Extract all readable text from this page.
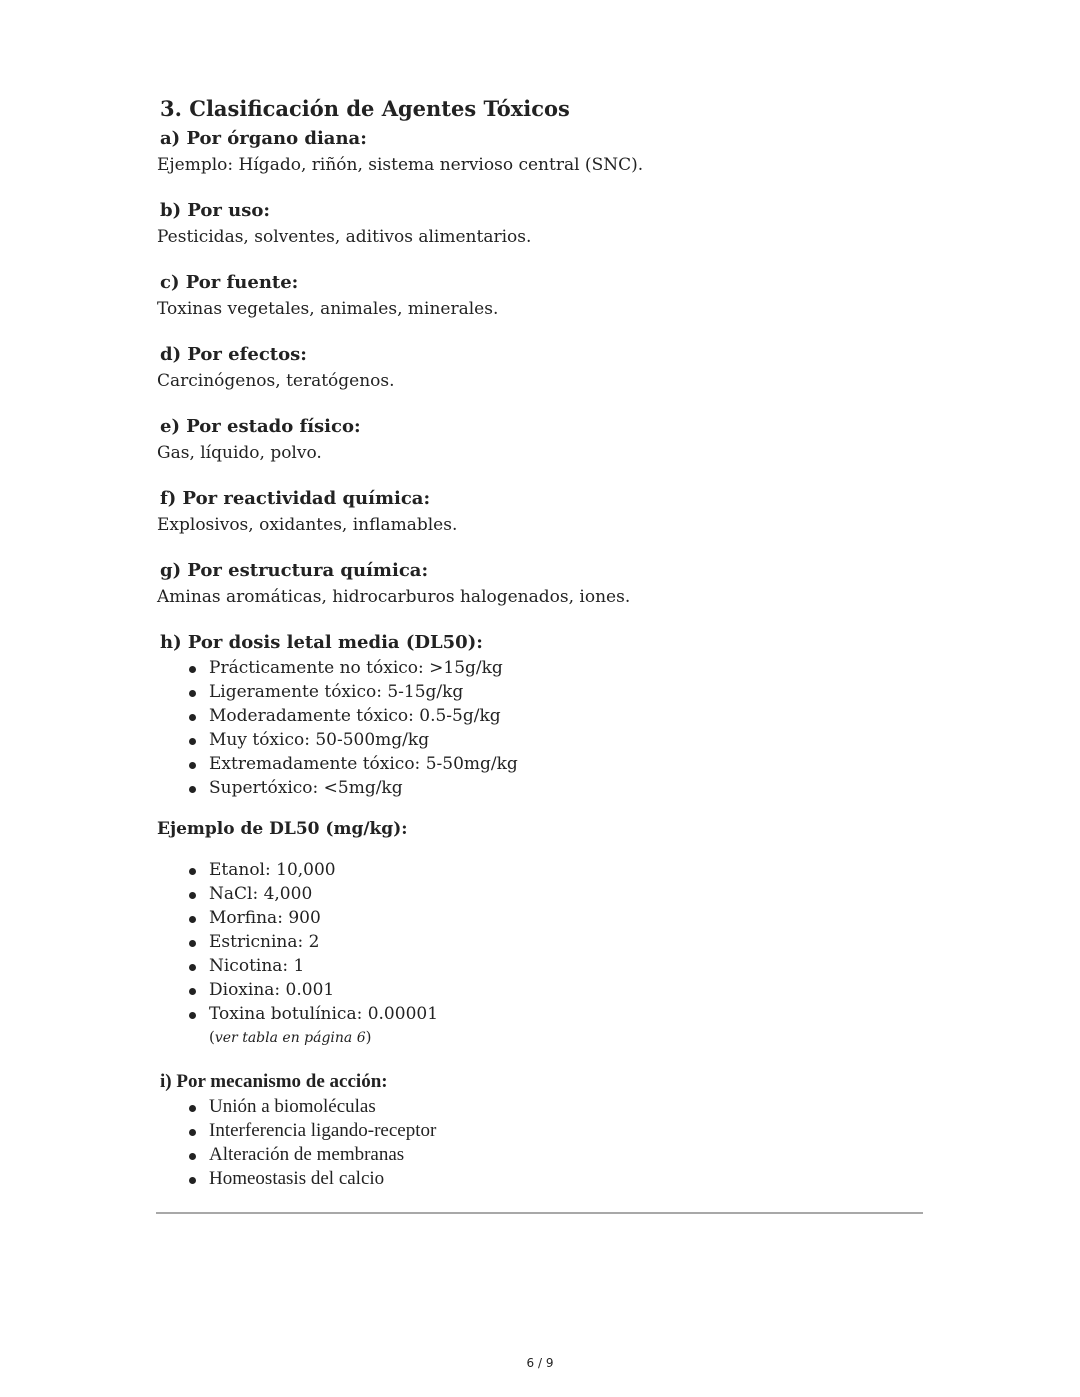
3. Clasificación de Agentes Tóxicos
a) Por órgano diana:

Ejemplo: Hígado, riñón, sistema nervioso central (SNC).

b) Por uso:

Pesticidas, solventes, aditivos alimentarios.

c) Por fuente:

Toxinas vegetales, animales, minerales.

d) Por efectos:

Carcinógenos, teratógenos.

e) Por estado físico:

Gas, líquido, polvo.

f) Por reactividad química:

Explosivos, oxidantes, inflamables.

g) Por estructura química:

Aminas aromáticas, hidrocarburos halogenados, iones.

h) Por dosis letal media (DL50):
Prácticamente no tóxico: >15g/kg
Ligeramente tóxico: 5-15g/kg
Moderadamente tóxico: 0.5-5g/kg
Muy tóxico: 50-500mg/kg
Extremadamente tóxico: 5-50mg/kg
Supertóxico: <5mg/kg
Ejemplo de DL50 (mg/kg):
Etanol: 10,000
NaCl: 4,000
Morfina: 900
Estricnina: 2
Nicotina: 1
Dioxina: 0.001
Toxina botulínica: 0.00001
(ver tabla en página 6)
i) Por mecanismo de acción:
Unión a biomoléculas
Interferencia ligando-receptor
Alteración de membranas
Homeostasis del calcio
6 / 9
